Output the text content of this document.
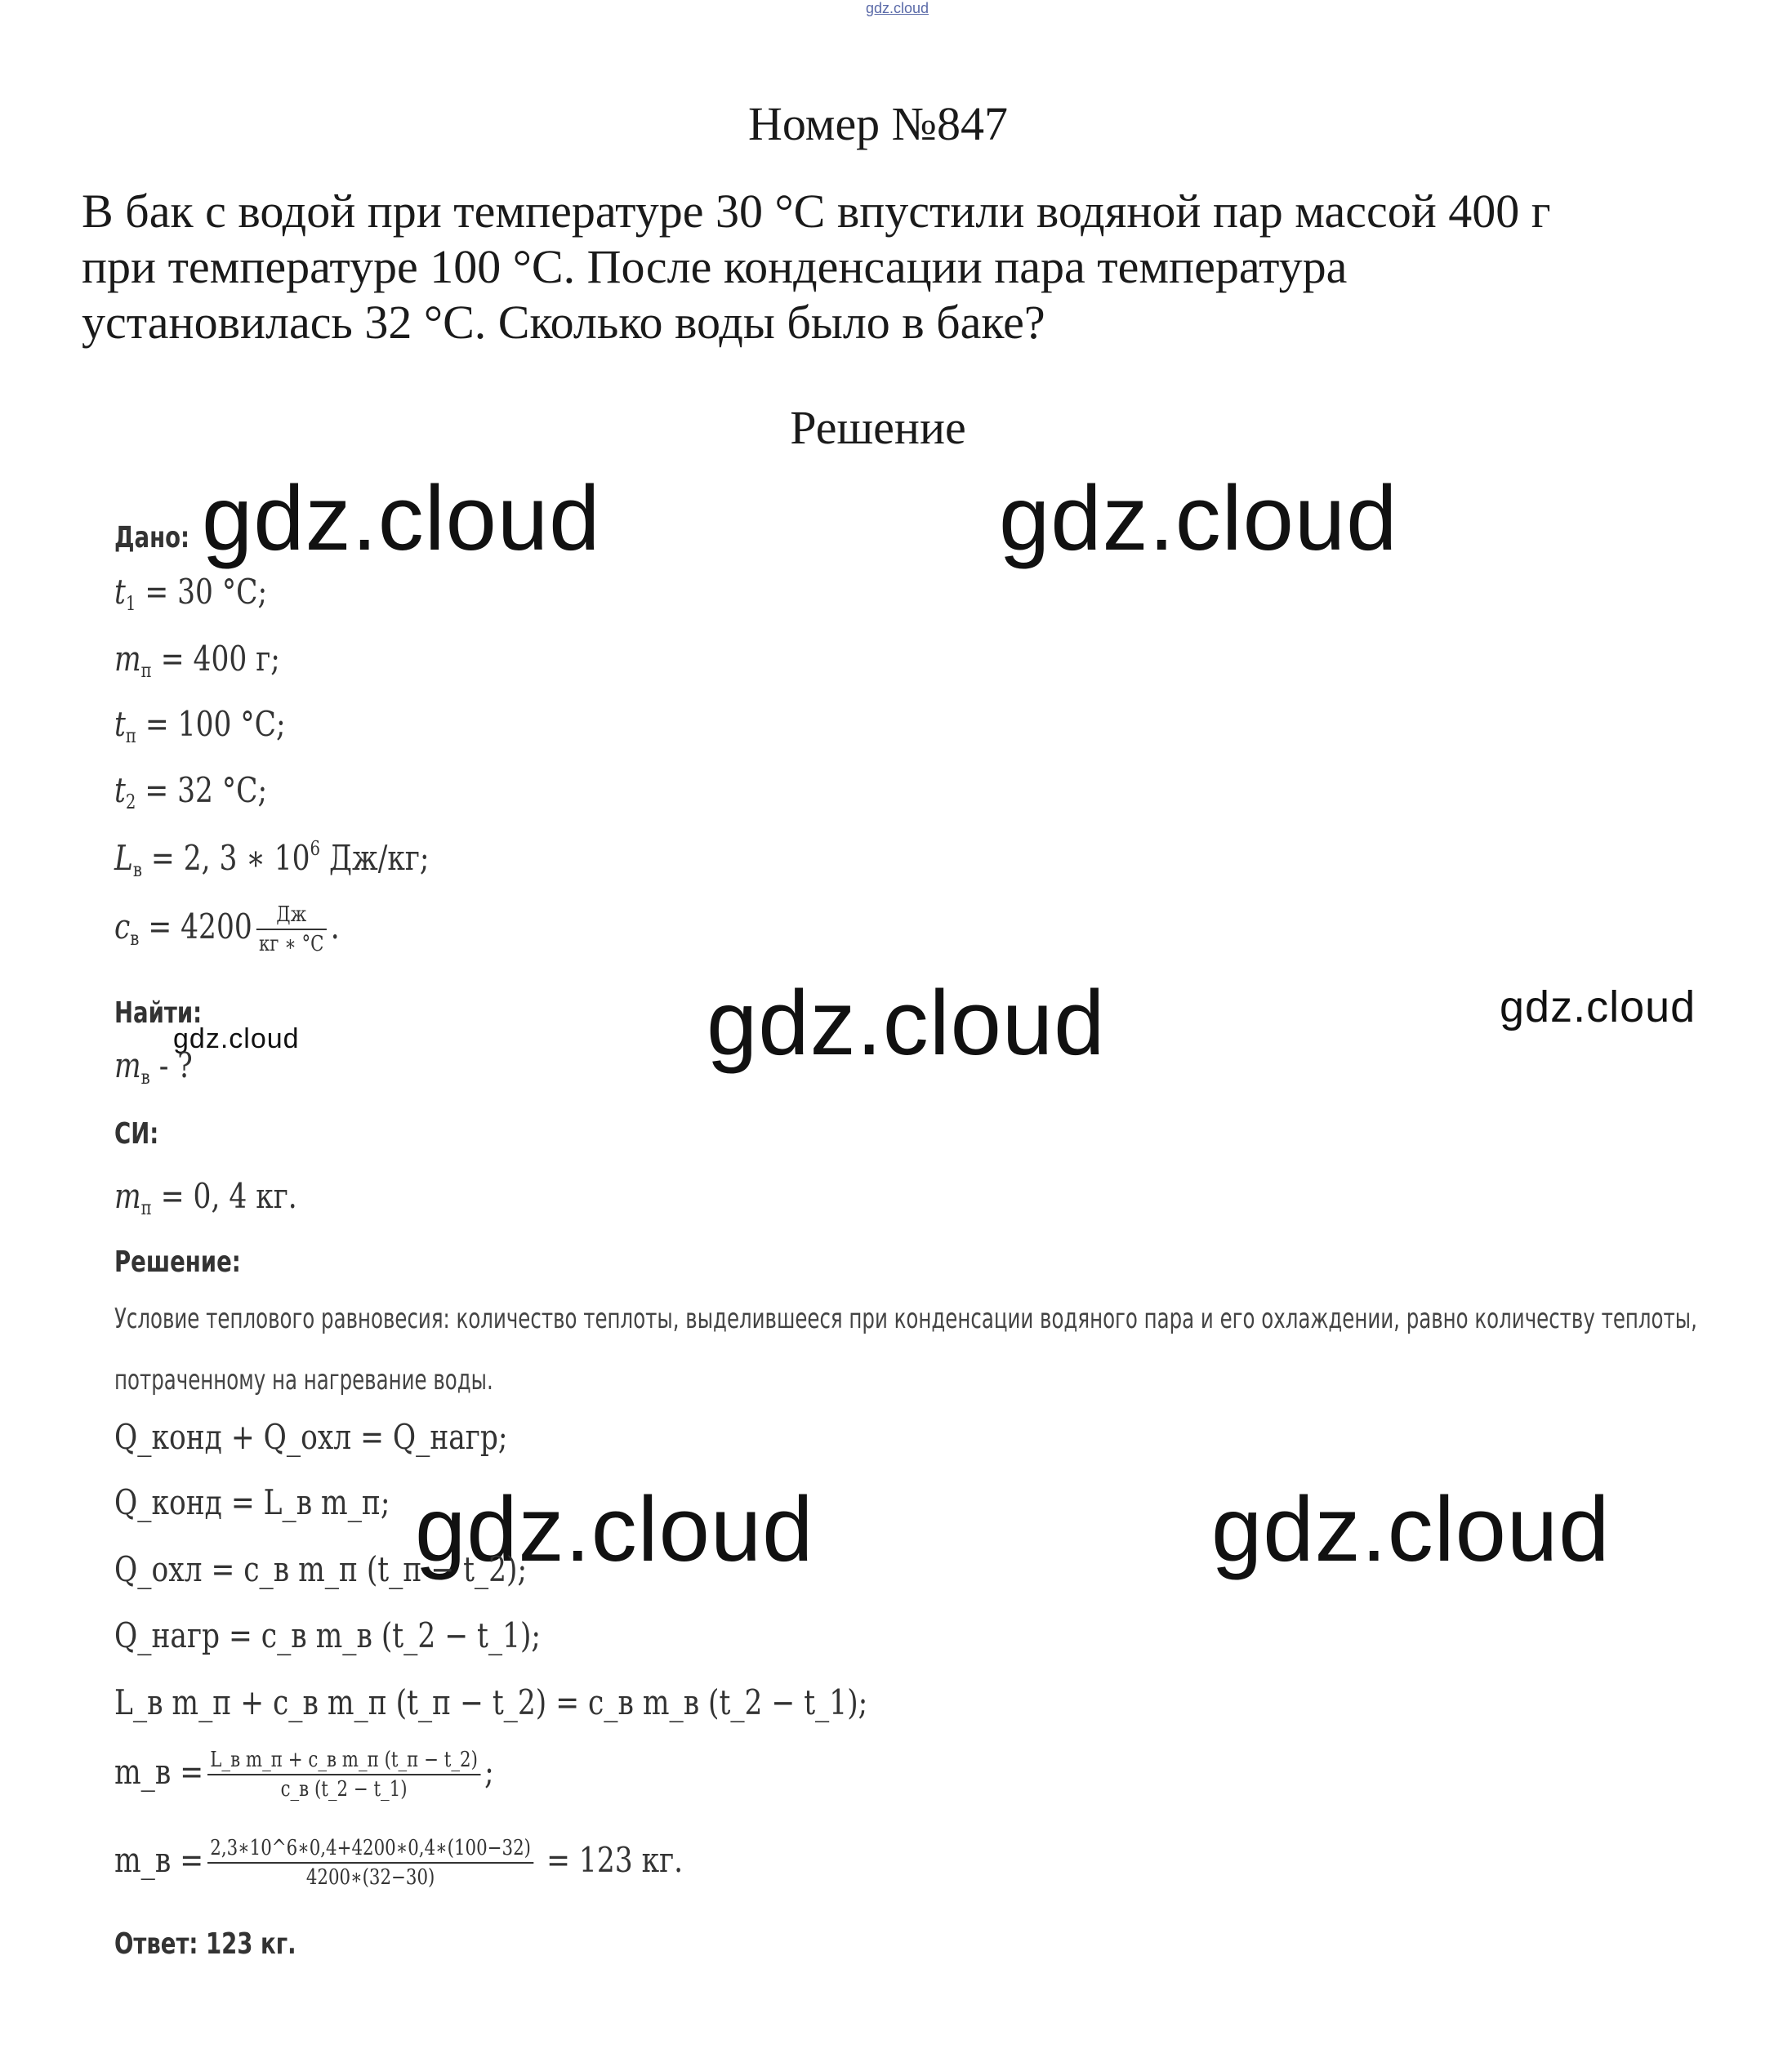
gdz.cloud
Номер №847
В бак с водой при температуре 30 °С впустили водяной пар массой 400 г
при температуре 100 °С. После конденсации пара температура
установилась 32 °С. Сколько воды было в баке?
Решение
gdz.cloud	gdz.cloud
gdz.cloud	gdz.cloud
gdz.cloud
gdz.cloud	gdz.cloud
Дано:
$t_1 = 30$ °С;
$m_п = 400$ г;
$t_п = 100$ °С;
$t_2 = 32$ °С;
$L_в = 2$, 3 ∗ $10^6$ Дж/кг;
$c_в = 4200 \frac{Дж}{кг ∗ ^\circ С}$ .
Найти:
$m_в$ - ?
СИ:
$m_п = 0$, 4 кг.
Решение:
Условие теплового равновесия: количество теплоты, выделившееся при конденсации водяного пара и его охлаждении, равно количеству теплоты,
потраченному на нагревание воды.
Q_конд + Q_охл = Q_нагр;
Q_конд = L_в m_п;
Q_охл = c_в m_п (t_п − t_2);
Q_нагр = c_в m_в (t_2 − t_1);
L_в m_п + c_в m_п (t_п − t_2) = c_в m_в (t_2 − t_1);
m_в = $\frac{\text{L\_в m\_п + c\_в m\_п (t\_п − t\_2)}}{c\_в (t\_2 - t\_1)}$ ;
m_в = $\frac{2,3∗10\^{}6∗0,4+4200∗0,4∗(100-32)}{4200∗(32-30)} = 123$ кг.
Ответ: 123 кг.
